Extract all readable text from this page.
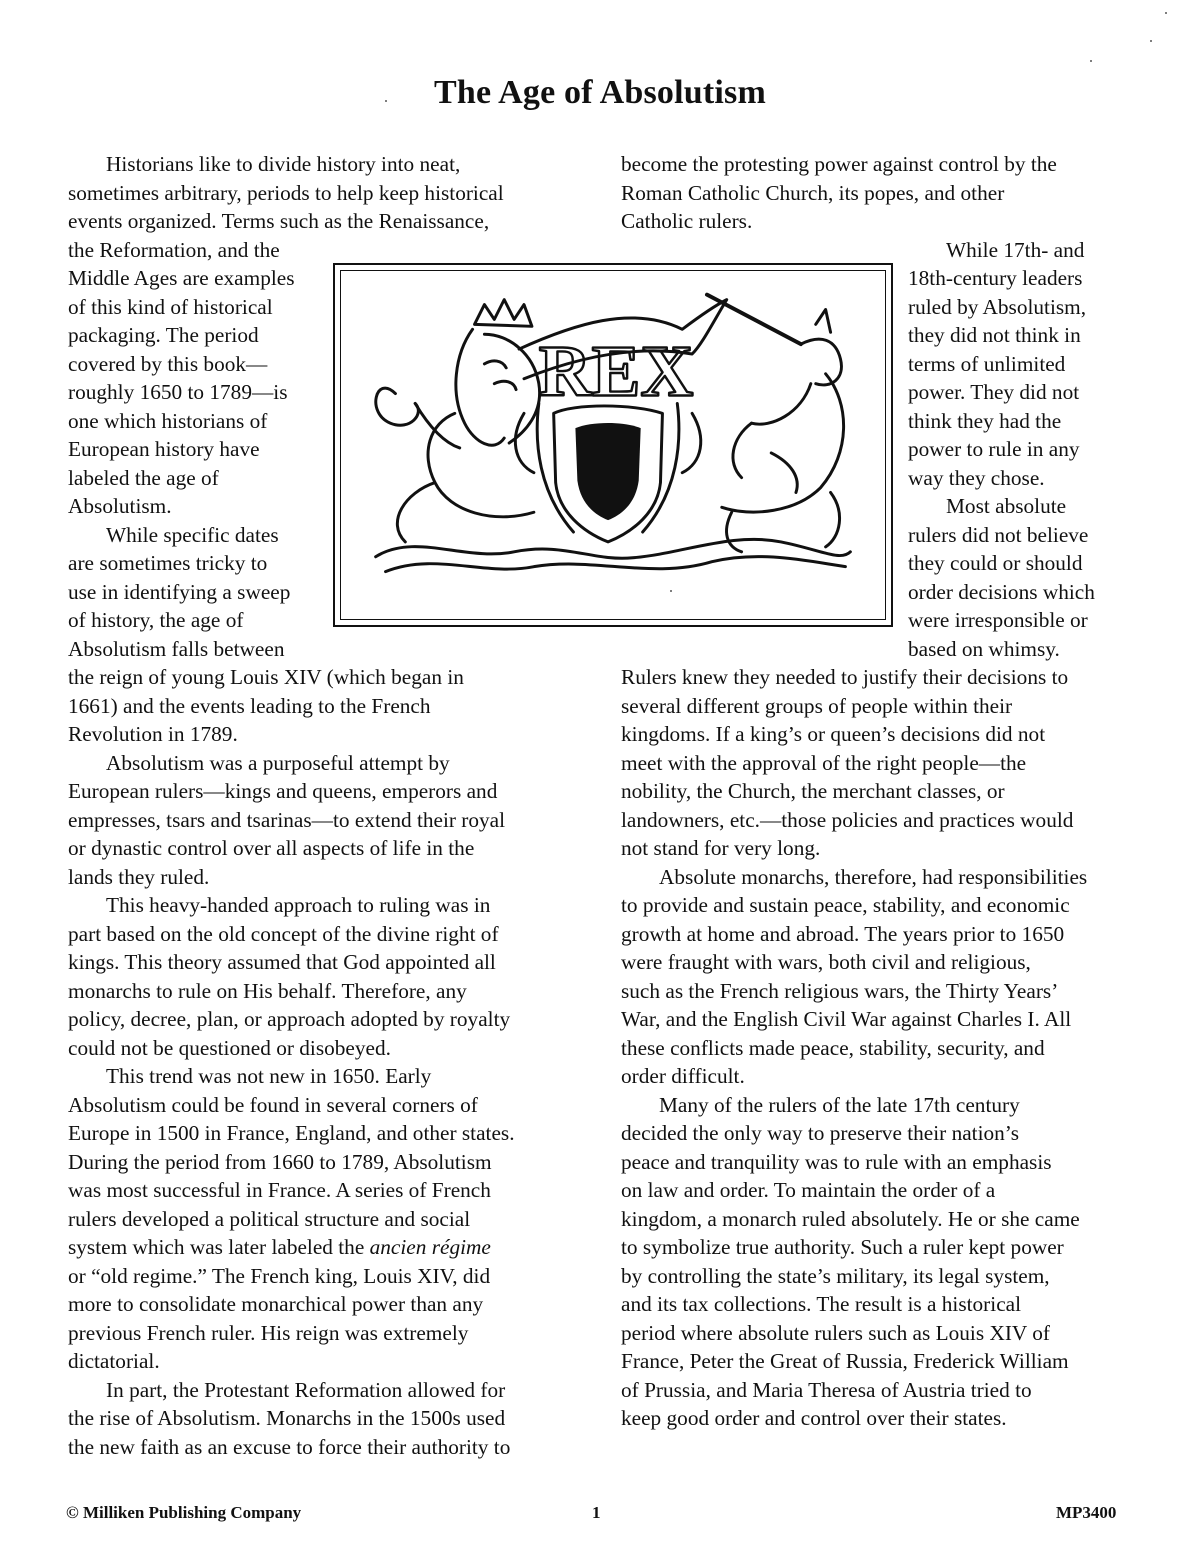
The Age of Absolutism
Historians like to divide history into neat,
sometimes arbitrary, periods to help keep historical
events organized. Terms such as the Renaissance,
the Reformation, and the
Middle Ages are examples
of this kind of historical
packaging. The period
covered by this book—
roughly 1650 to 1789—is
one which historians of
European history have
labeled the age of
Absolutism.
While specific dates
are sometimes tricky to
use in identifying a sweep
of history, the age of
Absolutism falls between
the reign of young Louis XIV (which began in
1661) and the events leading to the French
Revolution in 1789.
Absolutism was a purposeful attempt by
European rulers—kings and queens, emperors and
empresses, tsars and tsarinas—to extend their royal
or dynastic control over all aspects of life in the
lands they ruled.
This heavy-handed approach to ruling was in
part based on the old concept of the divine right of
kings. This theory assumed that God appointed all
monarchs to rule on His behalf. Therefore, any
policy, decree, plan, or approach adopted by royalty
could not be questioned or disobeyed.
This trend was not new in 1650. Early
Absolutism could be found in several corners of
Europe in 1500 in France, England, and other states.
During the period from 1660 to 1789, Absolutism
was most successful in France. A series of French
rulers developed a political structure and social
system which was later labeled the ancien régime
or “old regime.” The French king, Louis XIV, did
more to consolidate monarchical power than any
previous French ruler. His reign was extremely
dictatorial.
In part, the Protestant Reformation allowed for
the rise of Absolutism. Monarchs in the 1500s used
the new faith as an excuse to force their authority to
become the protesting power against control by the
Roman Catholic Church, its popes, and other
Catholic rulers.
While 17th- and
18th-century leaders
ruled by Absolutism,
they did not think in
terms of unlimited
power. They did not
think they had the
power to rule in any
way they chose.
Most absolute
rulers did not believe
they could or should
order decisions which
were irresponsible or
based on whimsy.
Rulers knew they needed to justify their decisions to
several different groups of people within their
kingdoms. If a king’s or queen’s decisions did not
meet with the approval of the right people—the
nobility, the Church, the merchant classes, or
landowners, etc.—those policies and practices would
not stand for very long.
Absolute monarchs, therefore, had responsibilities
to provide and sustain peace, stability, and economic
growth at home and abroad. The years prior to 1650
were fraught with wars, both civil and religious,
such as the French religious wars, the Thirty Years’
War, and the English Civil War against Charles I. All
these conflicts made peace, stability, security, and
order difficult.
Many of the rulers of the late 17th century
decided the only way to preserve their nation’s
peace and tranquility was to rule with an emphasis
on law and order. To maintain the order of a
kingdom, a monarch ruled absolutely. He or she came
to symbolize true authority. Such a ruler kept power
by controlling the state’s military, its legal system,
and its tax collections. The result is a historical
period where absolute rulers such as Louis XIV of
France, Peter the Great of Russia, Frederick William
of Prussia, and Maria Theresa of Austria tried to
keep good order and control over their states.
REX
© Milliken Publishing Company	1	MP3400
